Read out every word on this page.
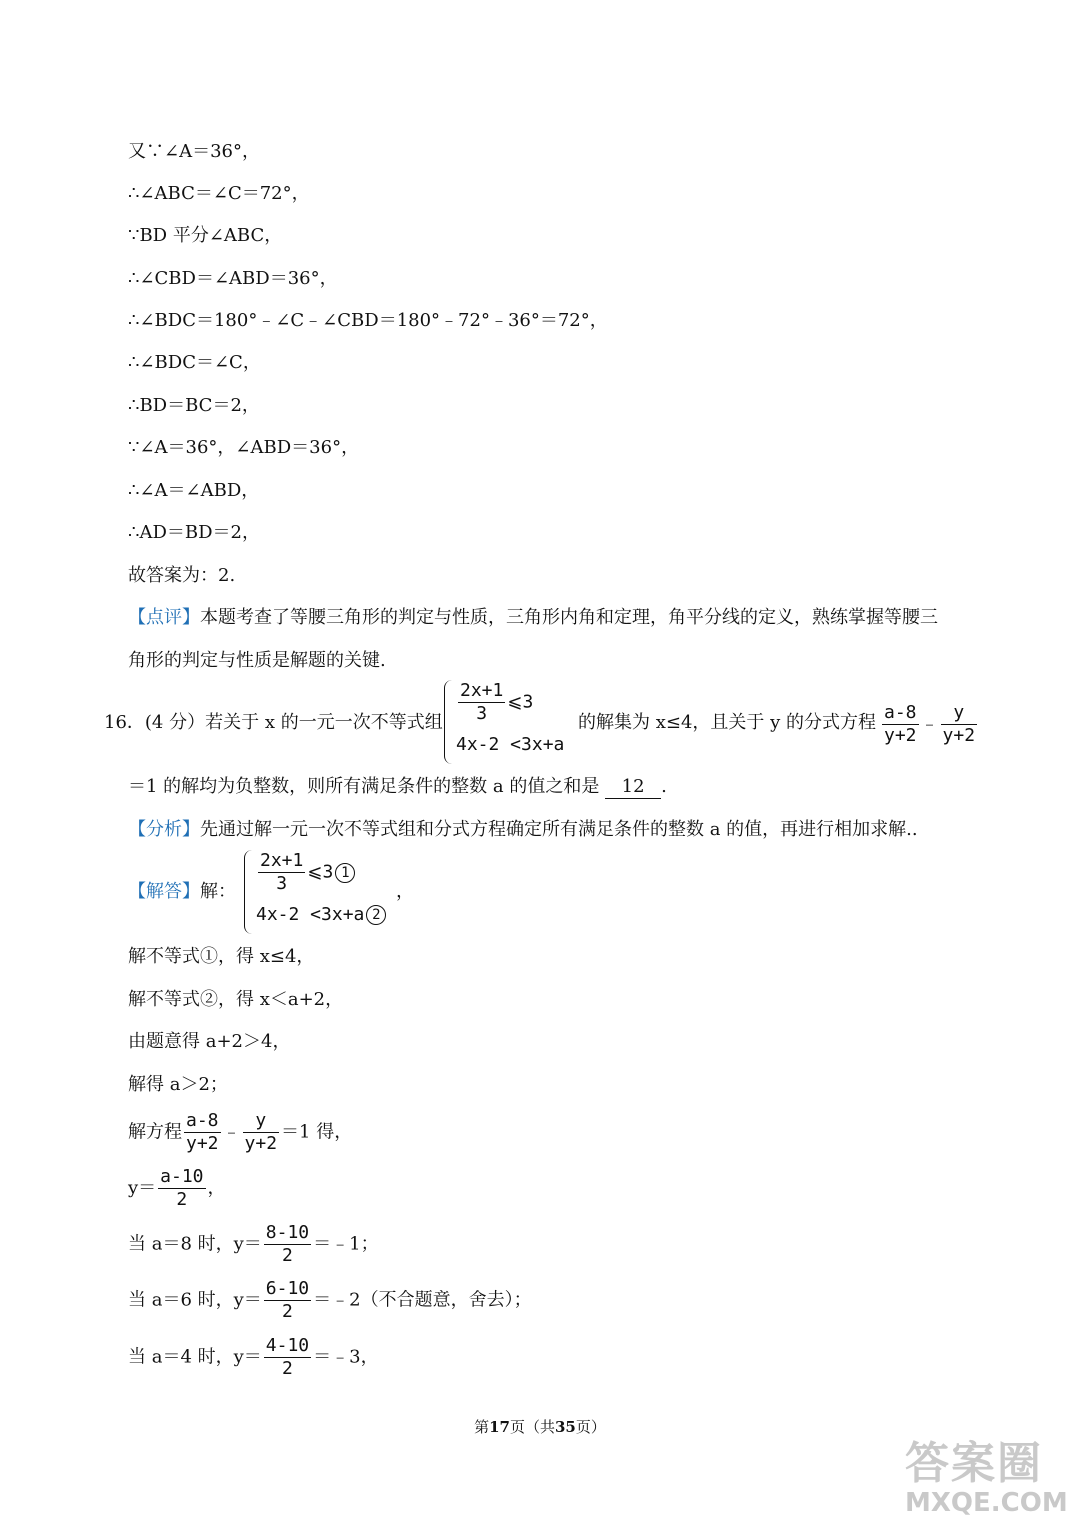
又∵∠A＝36°，
∴∠ABC＝∠C＝72°，
∵BD 平分∠ABC，
∴∠CBD＝∠ABD＝36°，
∴∠BDC＝180°﹣∠C﹣∠CBD＝180°﹣72°﹣36°＝72°，
∴∠BDC＝∠C，
∴BD＝BC＝2，
∵∠A＝36°，∠ABD＝36°，
∴∠A＝∠ABD，
∴AD＝BD＝2，
故答案为：2.
【点评】本题考查了等腰三角形的判定与性质，三角形内角和定理，角平分线的定义，熟练掌握等腰三
角形的判定与性质是解题的关键.
16．(4 分）若关于 x 的一元一次不等式组 $\frac{2x+1}{3}$ ⩽3
4x-2 <3x+a
的解集为 x≤4，且关于 y 的分式方程 $\frac{a-8}{y+2}$ ﹣ $\frac{y}{y+2}$
＝1 的解均为负整数，则所有满足条件的整数 a 的值之和是 12 .
【分析】先通过解一元一次不等式组和分式方程确定所有满足条件的整数 a 的值，再进行相加求解..
【解答】解： $\frac{2x+1}{3}$ ⩽3 1
4x-2 <3x+a 2
，
解不等式①，得 x≤4，
解不等式②，得 x＜a+2，
由题意得 a+2＞4，
解得 a＞2；
解方程 $\frac{a-8}{y+2}$ ﹣ $\frac{y}{y+2} =1$ 得，
$y= \frac{a-10}{2}$ ，
当 a＝8 时，$y= \frac{8-10}{2}$ ＝﹣1；
当 a＝6 时，$y= \frac{6-10}{2}$ ＝﹣2（不合题意，舍去）；
当 a＝4 时，$y= \frac{4-10}{2}$ ＝﹣3，
第17页（共35页）
答案圈
MXQE.COM
